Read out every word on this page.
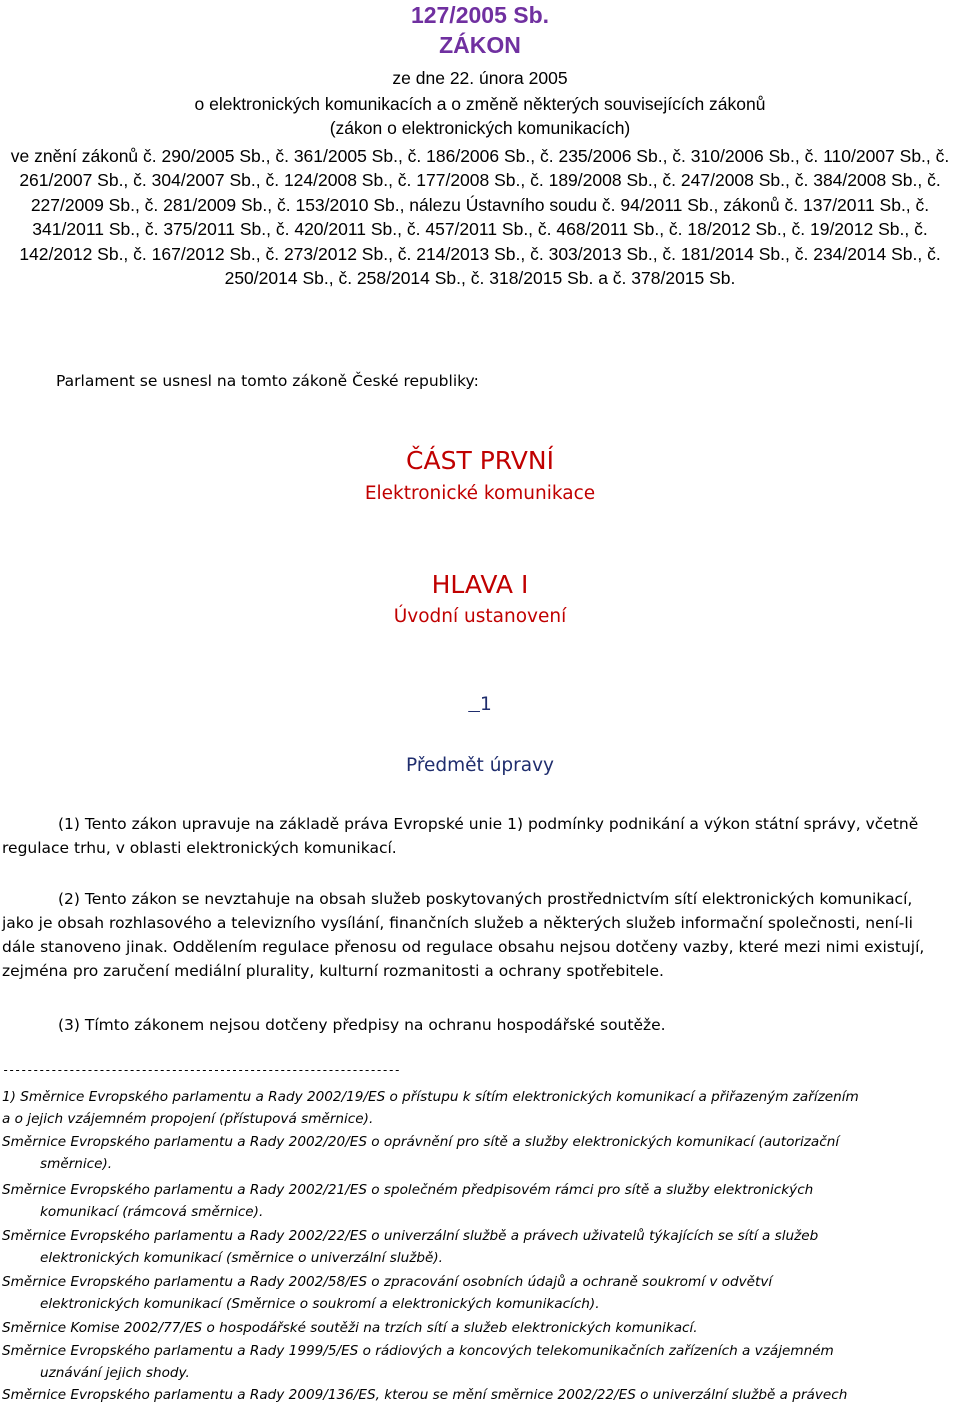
127/2005 Sb.
ZÁKON
ze dne 22. února 2005
o elektronických komunikacích a o změně některých souvisejících zákonů
(zákon o elektronických komunikacích)
ve znění zákonů č. 290/2005 Sb., č. 361/2005 Sb., č. 186/2006 Sb., č. 235/2006 Sb., č. 310/2006 Sb., č. 110/2007 Sb., č. 261/2007 Sb., č. 304/2007 Sb., č. 124/2008 Sb., č. 177/2008 Sb., č. 189/2008 Sb., č. 247/2008 Sb., č. 384/2008 Sb., č. 227/2009 Sb., č. 281/2009 Sb., č. 153/2010 Sb., nálezu Ústavního soudu č. 94/2011 Sb., zákonů č. 137/2011 Sb., č. 341/2011 Sb., č. 375/2011 Sb., č. 420/2011 Sb., č. 457/2011 Sb., č. 468/2011 Sb., č. 18/2012 Sb., č. 19/2012 Sb., č. 142/2012 Sb., č. 167/2012 Sb., č. 273/2012 Sb., č. 214/2013 Sb., č. 303/2013 Sb., č. 181/2014 Sb., č. 234/2014 Sb., č. 250/2014 Sb., č. 258/2014 Sb., č. 318/2015 Sb. a č. 378/2015 Sb.
Parlament se usnesl na tomto zákoně České republiky:
ČÁST PRVNÍ
Elektronické komunikace
HLAVA I
Úvodní ustanovení
1
Předmět úpravy
(1) Tento zákon upravuje na základě práva Evropské unie 1) podmínky podnikání a výkon státní správy, včetně regulace trhu, v oblasti elektronických komunikací.
(2) Tento zákon se nevztahuje na obsah služeb poskytovaných prostřednictvím sítí elektronických komunikací, jako je obsah rozhlasového a televizního vysílání, finančních služeb a některých služeb informační společnosti, není-li dále stanoveno jinak. Oddělením regulace přenosu od regulace obsahu nejsou dotčeny vazby, které mezi nimi existují, zejména pro zaručení mediální plurality, kulturní rozmanitosti a ochrany spotřebitele.
(3) Tímto zákonem nejsou dotčeny předpisy na ochranu hospodářské soutěže.
------------------------------------------------------------------
1) Směrnice Evropského parlamentu a Rady 2002/19/ES o přístupu k sítím elektronických komunikací a přiřazeným zařízením
a o jejich vzájemném propojení (přístupová směrnice).
Směrnice Evropského parlamentu a Rady 2002/20/ES o oprávnění pro sítě a služby elektronických komunikací (autorizační
směrnice).
Směrnice Evropského parlamentu a Rady 2002/21/ES o společném předpisovém rámci pro sítě a služby elektronických
komunikací (rámcová směrnice).
Směrnice Evropského parlamentu a Rady 2002/22/ES o univerzální službě a právech uživatelů týkajících se sítí a služeb
elektronických komunikací (směrnice o univerzální službě).
Směrnice Evropského parlamentu a Rady 2002/58/ES o zpracování osobních údajů a ochraně soukromí v odvětví
elektronických komunikací (Směrnice o soukromí a elektronických komunikacích).
Směrnice Komise 2002/77/ES o hospodářské soutěži na trzích sítí a služeb elektronických komunikací.
Směrnice Evropského parlamentu a Rady 1999/5/ES o rádiových a koncových telekomunikačních zařízeních a vzájemném
uznávání jejich shody.
Směrnice Evropského parlamentu a Rady 2009/136/ES, kterou se mění směrnice 2002/22/ES o univerzální službě a právech
